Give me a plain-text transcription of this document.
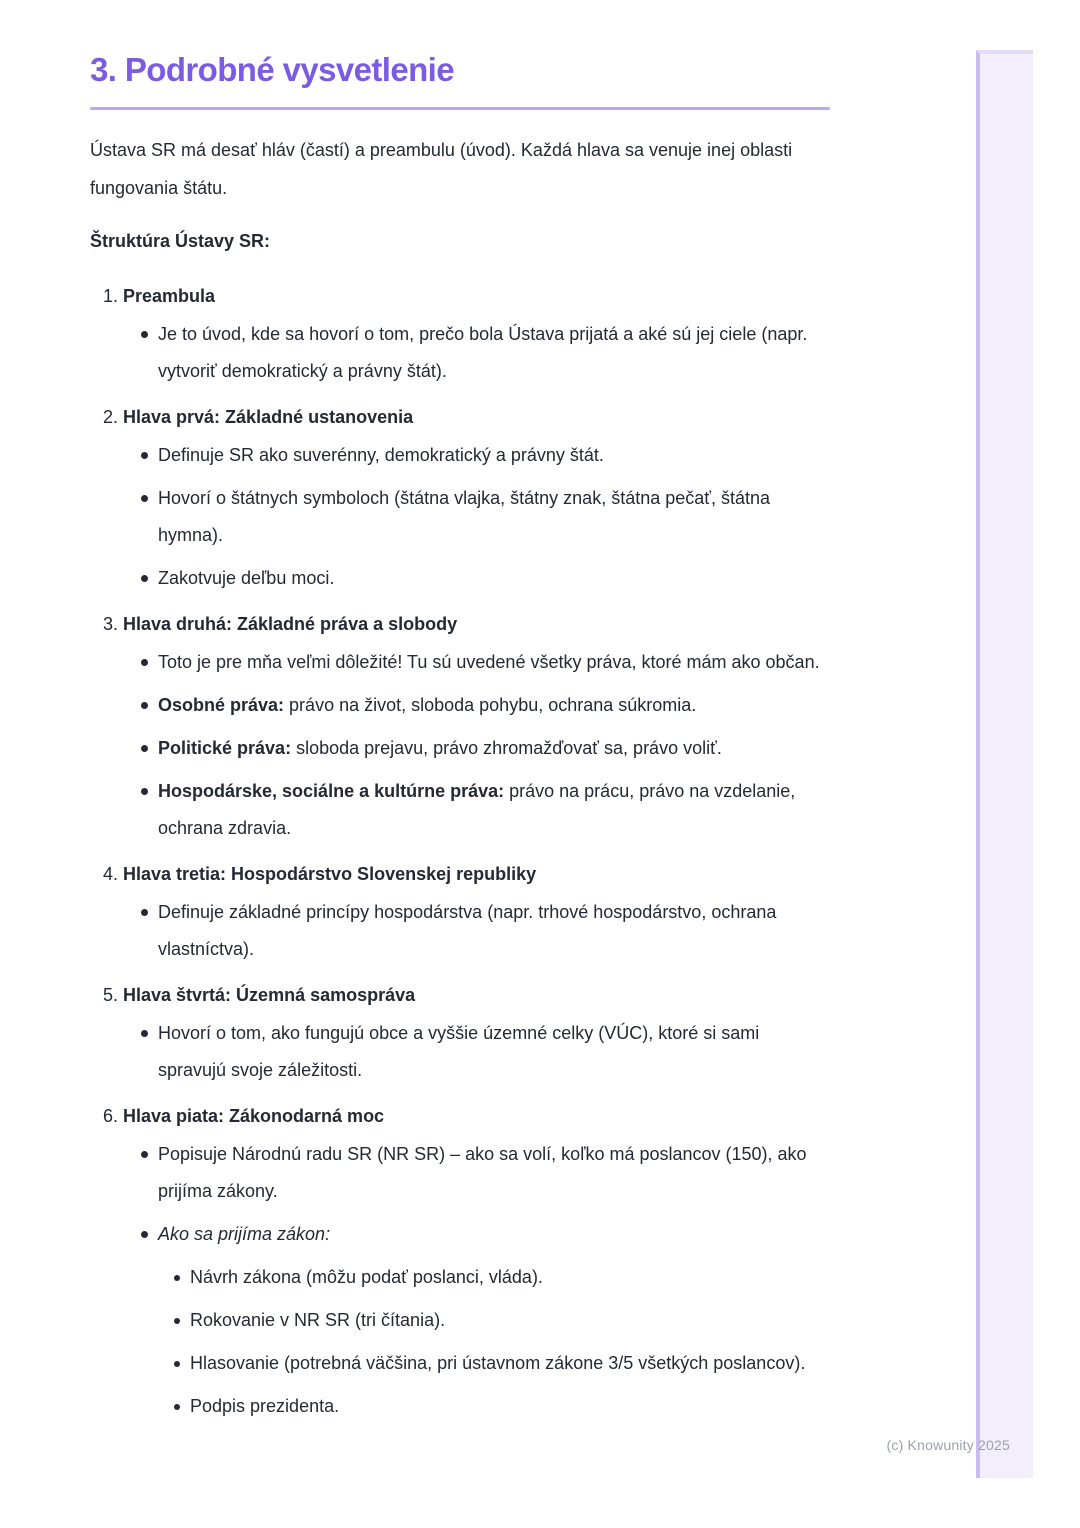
3. Podrobné vysvetlenie

Ústava SR má desať hláv (častí) a preambulu (úvod). Každá hlava sa venuje inej oblasti fungovania štátu.

Štruktúra Ústavy SR:

1.Preambula
Je to úvod, kde sa hovorí o tom, prečo bola Ústava prijatá a aké sú jej ciele (napr. vytvoriť demokratický a právny štát).
2.Hlava prvá: Základné ustanovenia
Definuje SR ako suverénny, demokratický a právny štát.
Hovorí o štátnych symboloch (štátna vlajka, štátny znak, štátna pečať, štátna hymna).
Zakotvuje deľbu moci.
3.Hlava druhá: Základné práva a slobody
Toto je pre mňa veľmi dôležité! Tu sú uvedené všetky práva, ktoré mám ako občan.
Osobné práva: právo na život, sloboda pohybu, ochrana súkromia.
Politické práva: sloboda prejavu, právo zhromažďovať sa, právo voliť.
Hospodárske, sociálne a kultúrne práva: právo na prácu, právo na vzdelanie, ochrana zdravia.
4.Hlava tretia: Hospodárstvo Slovenskej republiky
Definuje základné princípy hospodárstva (napr. trhové hospodárstvo, ochrana vlastníctva).
5.Hlava štvrtá: Územná samospráva
Hovorí o tom, ako fungujú obce a vyššie územné celky (VÚC), ktoré si sami spravujú svoje záležitosti.
6.Hlava piata: Zákonodarná moc
Popisuje Národnú radu SR (NR SR) – ako sa volí, koľko má poslancov (150), ako prijíma zákony.
Ako sa prijíma zákon:
Návrh zákona (môžu podať poslanci, vláda).
Rokovanie v NR SR (tri čítania).
Hlasovanie (potrebná väčšina, pri ústavnom zákone 3/5 všetkých poslancov).
Podpis prezidenta.
(c) Knowunity 2025
